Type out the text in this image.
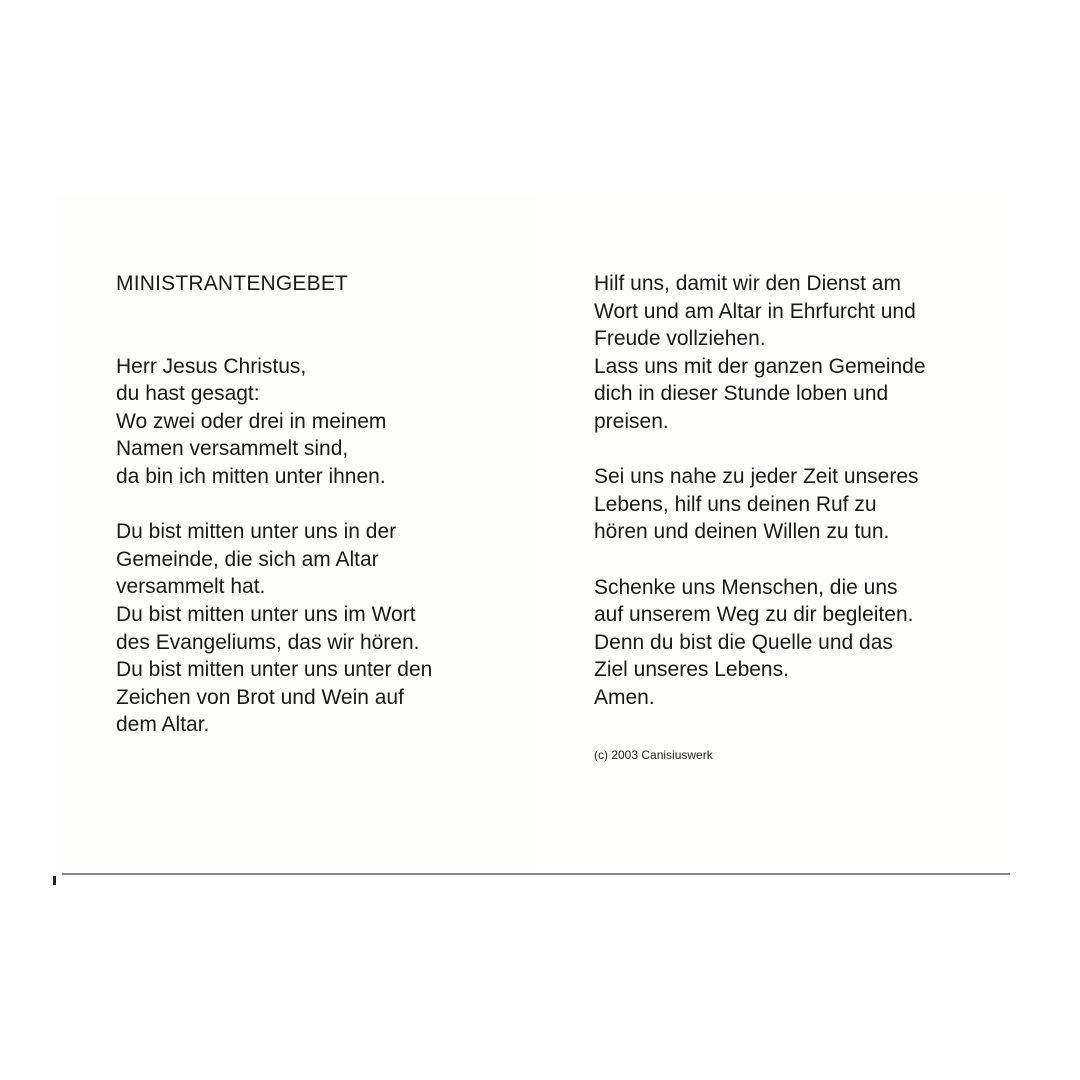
MINISTRANTENGEBET

Herr Jesus Christus,
du hast gesagt:
Wo zwei oder drei in meinem
Namen versammelt sind,
da bin ich mitten unter ihnen.

Du bist mitten unter uns in der
Gemeinde, die sich am Altar
versammelt hat.
Du bist mitten unter uns im Wort
des Evangeliums, das wir hören.
Du bist mitten unter uns unter den
Zeichen von Brot und Wein auf
dem Altar.

Hilf uns, damit wir den Dienst am
Wort und am Altar in Ehrfurcht und
Freude vollziehen.
Lass uns mit der ganzen Gemeinde
dich in dieser Stunde loben und
preisen.

Sei uns nahe zu jeder Zeit unseres
Lebens, hilf uns deinen Ruf zu
hören und deinen Willen zu tun.

Schenke uns Menschen, die uns
auf unserem Weg zu dir begleiten.
Denn du bist die Quelle und das
Ziel unseres Lebens.
Amen.

(c) 2003 Canisiuswerk
